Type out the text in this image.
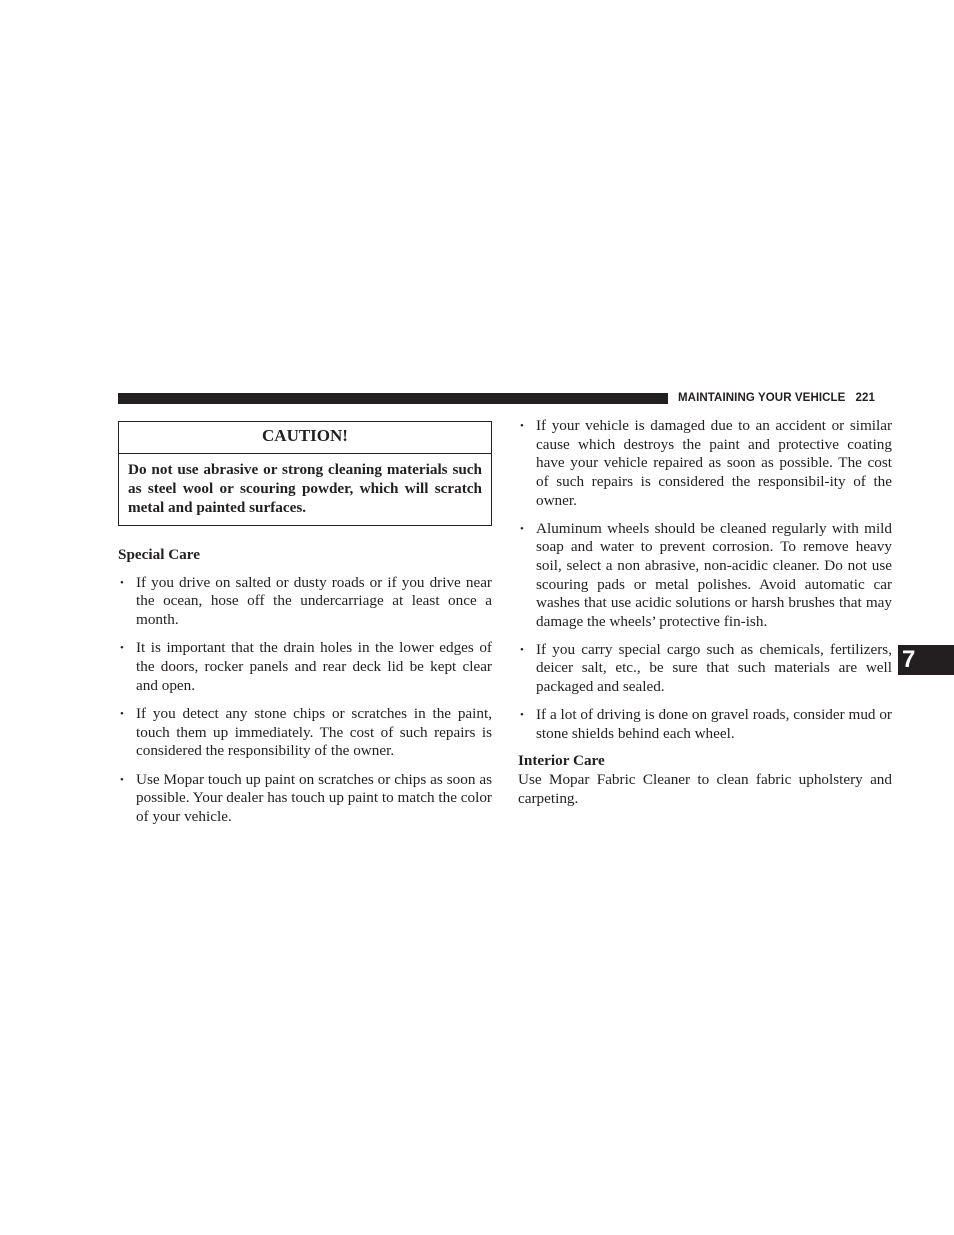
MAINTAINING YOUR VEHICLE 221
7
CAUTION!
Do not use abrasive or strong cleaning materials such as steel wool or scouring powder, which will scratch metal and painted surfaces.
Special Care
• If you drive on salted or dusty roads or if you drive near the ocean, hose off the undercarriage at least once a month.
• It is important that the drain holes in the lower edges of the doors, rocker panels and rear deck lid be kept clear and open.
• If you detect any stone chips or scratches in the paint, touch them up immediately. The cost of such repairs is considered the responsibility of the owner.
• Use Mopar touch up paint on scratches or chips as soon as possible. Your dealer has touch up paint to match the color of your vehicle.
• If your vehicle is damaged due to an accident or similar cause which destroys the paint and protective coating have your vehicle repaired as soon as possible. The cost of such repairs is considered the responsibil-ity of the owner.
• Aluminum wheels should be cleaned regularly with mild soap and water to prevent corrosion. To remove heavy soil, select a non abrasive, non-acidic cleaner. Do not use scouring pads or metal polishes. Avoid automatic car washes that use acidic solutions or harsh brushes that may damage the wheels’ protective fin-ish.
• If you carry special cargo such as chemicals, fertilizers, deicer salt, etc., be sure that such materials are well packaged and sealed.
• If a lot of driving is done on gravel roads, consider mud or stone shields behind each wheel.
Interior Care

Use Mopar Fabric Cleaner to clean fabric upholstery and carpeting.
